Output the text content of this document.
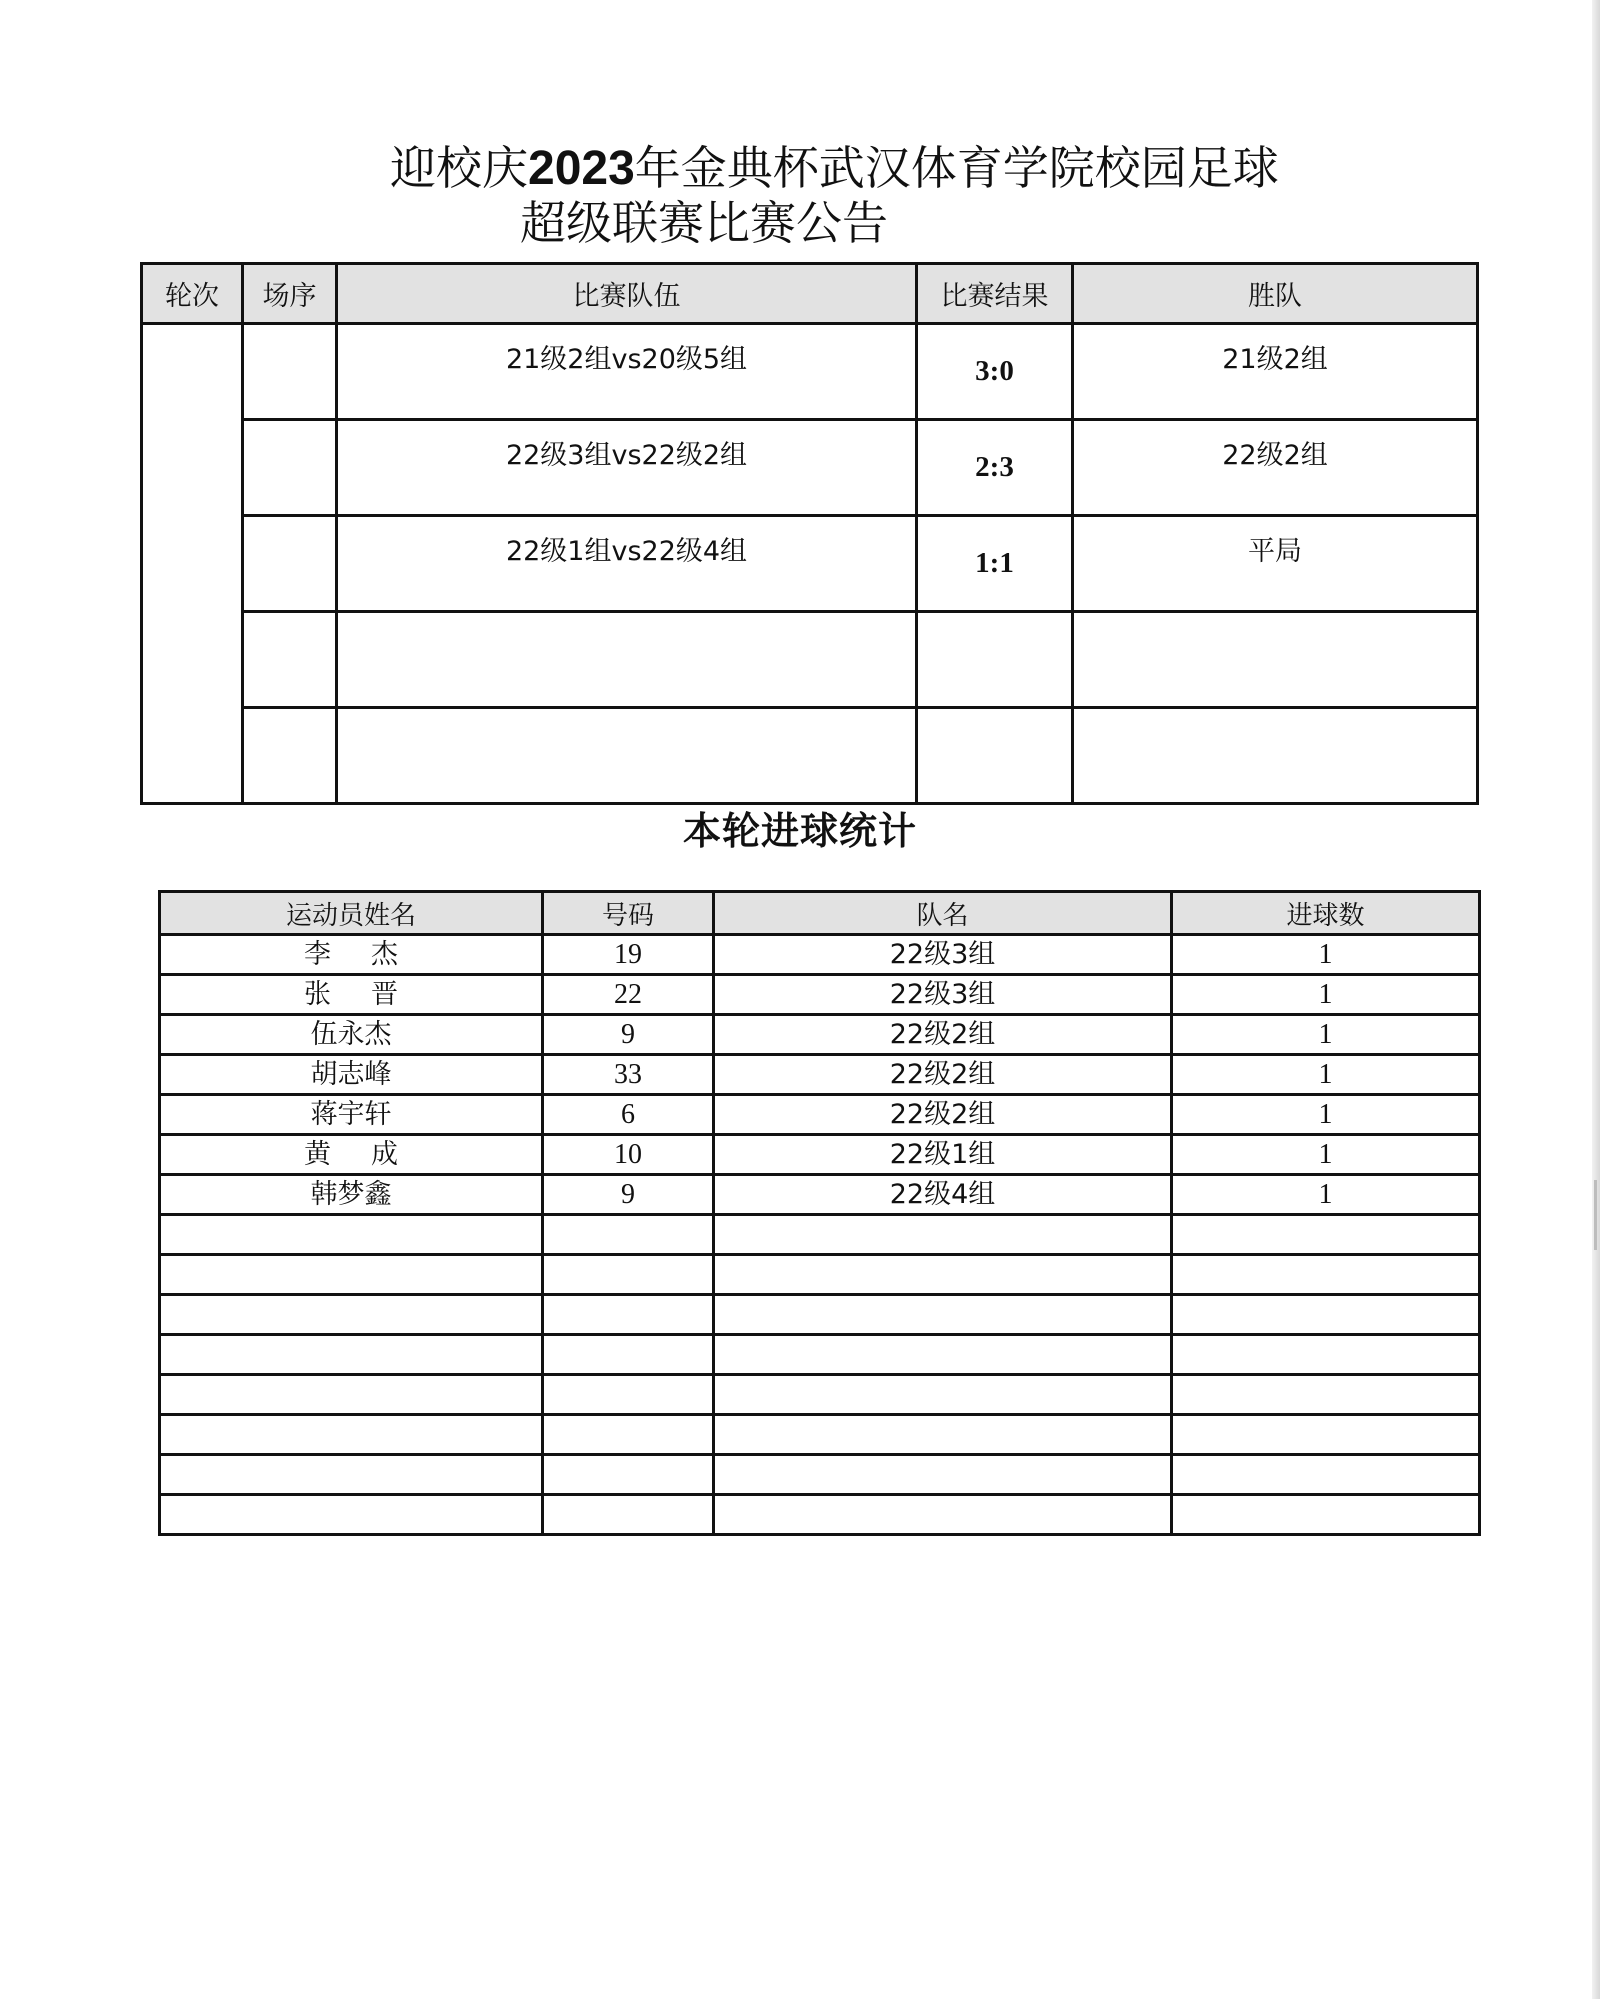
迎校庆2023年金典杯武汉体育学院校园足球
超级联赛比赛公告
轮次	场序	比赛队伍	比赛结果	胜队
		21级2组vs20级5组	3:0	21级2组
		22级3组vs22级2组	2:3	22级2组
		22级1组vs22级4组	1:1	平局

本轮进球统计
运动员姓名	号码	队名	进球数
李杰	19	22级3组	1
张晋	22	22级3组	1
伍永杰	9	22级2组	1
胡志峰	33	22级2组	1
蒋宇轩	6	22级2组	1
黄成	10	22级1组	1
韩梦鑫	9	22级4组	1
